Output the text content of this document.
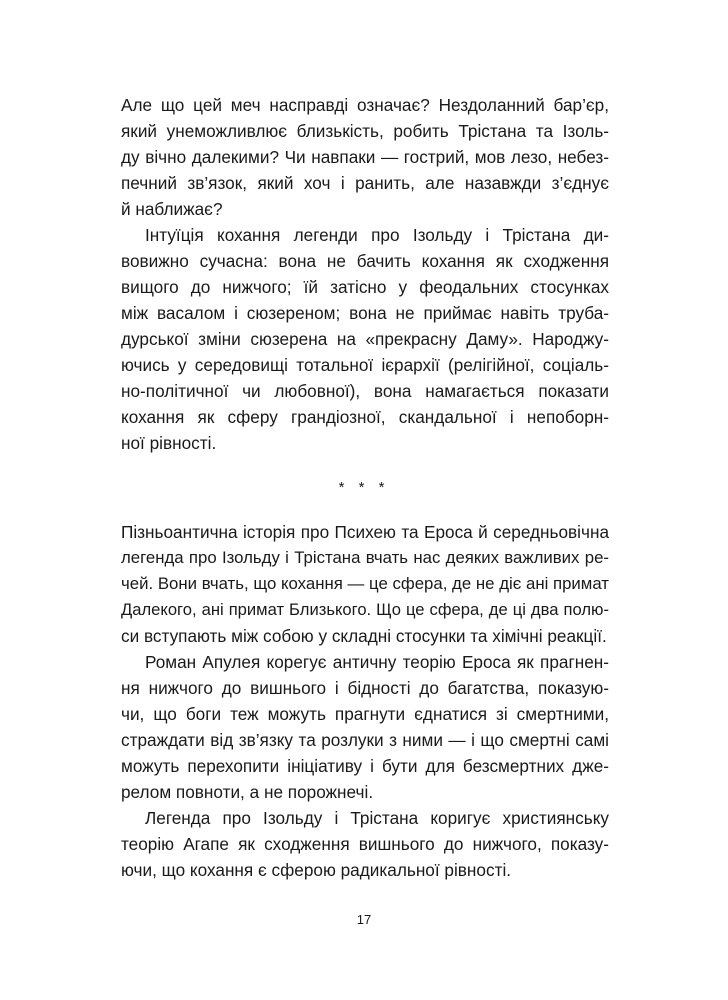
Але що цей меч насправді означає? Нездоланний бар’єр,
який унеможливлює близькість, робить Трістана та Ізоль-
ду вічно далекими? Чи навпаки — гострий, мов лезо, небез-
печний зв’язок, який хоч і ранить, але назавжди з’єднує
й наближає?
Інтуїція кохання легенди про Ізольду і Трістана ди-
вовижно сучасна: вона не бачить кохання як сходження
вищого до нижчого; їй затісно у феодальних стосунках
між васалом і сюзереном; вона не приймає навіть труба-
дурської зміни сюзерена на «прекрасну Даму». Народжу-
ючись у середовищі тотальної ієрархії (релігійної, соціаль-
но-політичної чи любовної), вона намагається показати
кохання як сферу грандіозної, скандальної і непоборн-
ної рівності.
* * *
Пізньоантична історія про Психею та Ероса й середньовічна
легенда про Ізольду і Трістана вчать нас деяких важливих ре-
чей. Вони вчать, що кохання — це сфера, де не діє ані примат
Далекого, ані примат Близького. Що це сфера, де ці два полю-
си вступають між собою у складні стосунки та хімічні реакції.
Роман Апулея корегує античну теорію Ероса як прагнен-
ня нижчого до вишнього і бідності до багатства, показую-
чи, що боги теж можуть прагнути єднатися зі смертними,
страждати від зв’язку та розлуки з ними — і що смертні самі
можуть перехопити ініціативу і бути для безсмертних дже-
релом повноти, а не порожнечі.
Легенда про Ізольду і Трістана коригує християнську
теорію Агапе як сходження вишнього до нижчого, показу-
ючи, що кохання є сферою радикальної рівності.
17
